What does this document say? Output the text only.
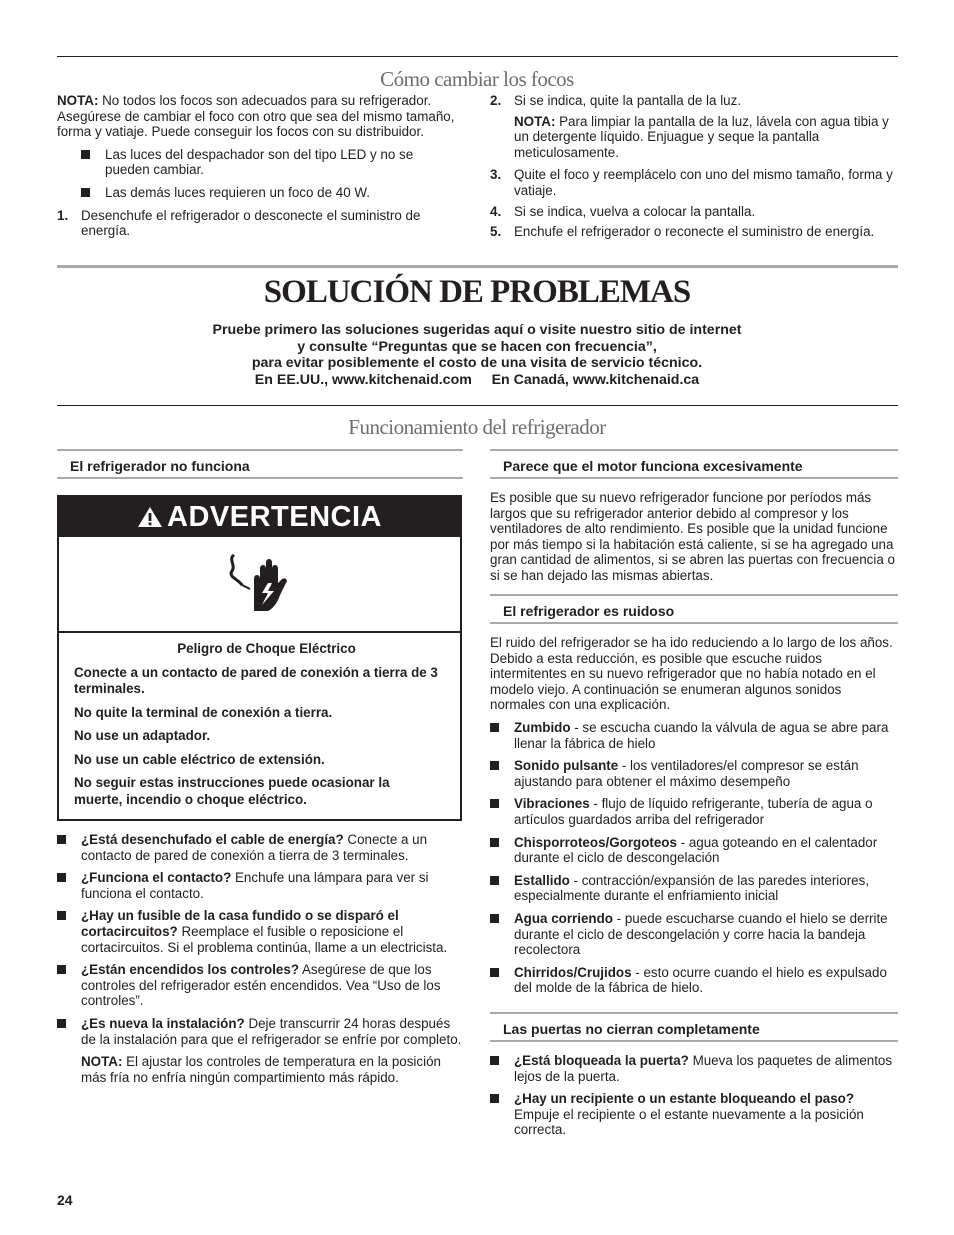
Cómo cambiar los focos
NOTA: No todos los focos son adecuados para su refrigerador. Asegúrese de cambiar el foco con otro que sea del mismo tamaño, forma y vatiaje. Puede conseguir los focos con su distribuidor.
Las luces del despachador son del tipo LED y no se pueden cambiar.
Las demás luces requieren un foco de 40 W.
1. Desenchufe el refrigerador o desconecte el suministro de energía.
2. Si se indica, quite la pantalla de la luz.
NOTA: Para limpiar la pantalla de la luz, lávela con agua tibia y un detergente líquido. Enjuague y seque la pantalla meticulosamente.
3. Quite el foco y reemplácelo con uno del mismo tamaño, forma y vatiaje.
4. Si se indica, vuelva a colocar la pantalla.
5. Enchufe el refrigerador o reconecte el suministro de energía.
SOLUCIÓN DE PROBLEMAS
Pruebe primero las soluciones sugeridas aquí o visite nuestro sitio de internet
y consulte “Preguntas que se hacen con frecuencia”,
para evitar posiblemente el costo de una visita de servicio técnico.
En EE.UU., www.kitchenaid.com     En Canadá, www.kitchenaid.ca
Funcionamiento del refrigerador
El refrigerador no funciona
ADVERTENCIA
Peligro de Choque Eléctrico
Conecte a un contacto de pared de conexión a tierra de 3 terminales.
No quite la terminal de conexión a tierra.
No use un adaptador.
No use un cable eléctrico de extensión.
No seguir estas instrucciones puede ocasionar la muerte, incendio o choque eléctrico.
¿Está desenchufado el cable de energía? Conecte a un contacto de pared de conexión a tierra de 3 terminales.
¿Funciona el contacto? Enchufe una lámpara para ver si funciona el contacto.
¿Hay un fusible de la casa fundido o se disparó el cortacircuitos? Reemplace el fusible o reposicione el cortacircuitos. Si el problema continúa, llame a un electricista.
¿Están encendidos los controles? Asegúrese de que los controles del refrigerador estén encendidos. Vea “Uso de los controles”.
¿Es nueva la instalación? Deje transcurrir 24 horas después de la instalación para que el refrigerador se enfríe por completo.
NOTA: El ajustar los controles de temperatura en la posición más fría no enfría ningún compartimiento más rápido.
Parece que el motor funciona excesivamente
Es posible que su nuevo refrigerador funcione por períodos más largos que su refrigerador anterior debido al compresor y los ventiladores de alto rendimiento. Es posible que la unidad funcione por más tiempo si la habitación está caliente, si se ha agregado una gran cantidad de alimentos, si se abren las puertas con frecuencia o si se han dejado las mismas abiertas.
El refrigerador es ruidoso
El ruido del refrigerador se ha ido reduciendo a lo largo de los años. Debido a esta reducción, es posible que escuche ruidos intermitentes en su nuevo refrigerador que no había notado en el modelo viejo. A continuación se enumeran algunos sonidos normales con una explicación.
Zumbido - se escucha cuando la válvula de agua se abre para llenar la fábrica de hielo
Sonido pulsante - los ventiladores/el compresor se están ajustando para obtener el máximo desempeño
Vibraciones - flujo de líquido refrigerante, tubería de agua o artículos guardados arriba del refrigerador
Chisporroteos/Gorgoteos - agua goteando en el calentador durante el ciclo de descongelación
Estallido - contracción/expansión de las paredes interiores, especialmente durante el enfriamiento inicial
Agua corriendo - puede escucharse cuando el hielo se derrite durante el ciclo de descongelación y corre hacia la bandeja recolectora
Chirridos/Crujidos - esto ocurre cuando el hielo es expulsado del molde de la fábrica de hielo.
Las puertas no cierran completamente
¿Está bloqueada la puerta? Mueva los paquetes de alimentos lejos de la puerta.
¿Hay un recipiente o un estante bloqueando el paso? Empuje el recipiente o el estante nuevamente a la posición correcta.
24
